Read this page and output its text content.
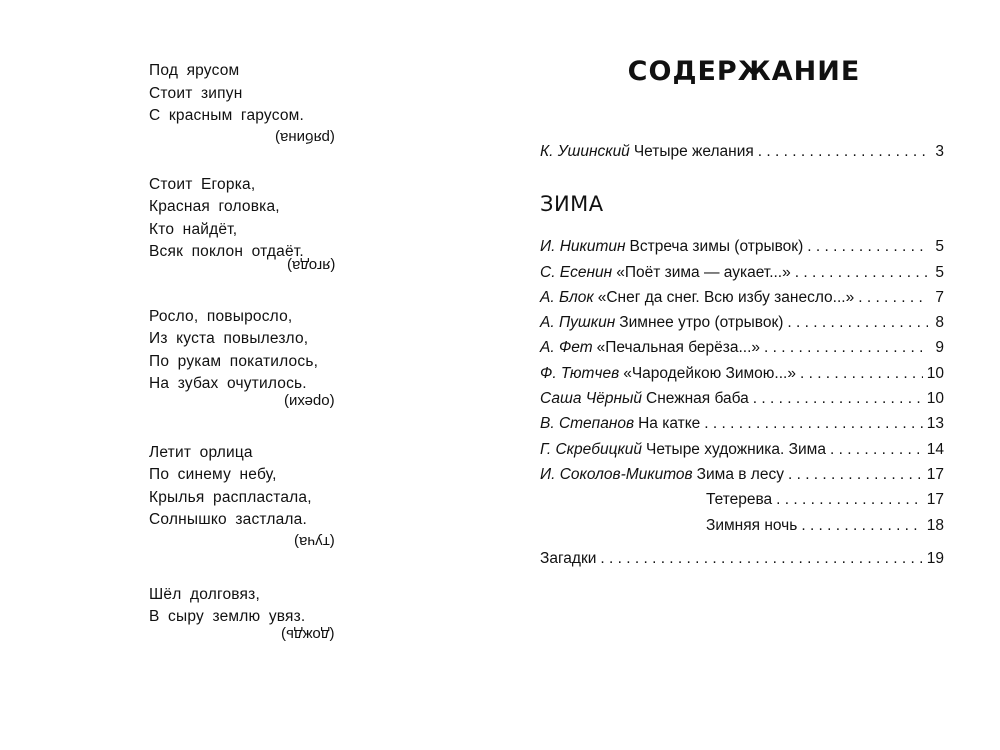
Под ярусом
Стоит зипун
С красным гарусом.
(рябина)
Стоит Егорка,
Красная головка,
Кто найдёт,
Всяк поклон отдаёт.
(ягода)
Росло, повыросло,
Из куста повылезло,
По рукам покатилось,
На зубах очутилось.
(орехи)
Летит орлица
По синему небу,
Крылья распластала,
Солнышко застлала.
(туча)
Шёл долговяз,
В сыру землю увяз.
(дождь)
СОДЕРЖАНИЕ
К. Ушинский Четыре желания . . .	3
ЗИМА
И. Никитин Встреча зимы (отрывок) . . .	5
С. Есенин «Поёт зима — аукает...» . . .	5
А. Блок «Снег да снег. Всю избу занесло...» . . .	7
А. Пушкин Зимнее утро (отрывок) . . .	8
А. Фет «Печальная берёза...» . . .	9
Ф. Тютчев «Чародейкою Зимою...» . . .	10
Саша Чёрный Снежная баба . . .	10
В. Степанов На катке . . .	13
Г. Скребицкий Четыре художника. Зима . . .	14
И. Соколов-Микитов Зима в лесу . . .	17
Тетерева . . .	17
Зимняя ночь . . .	18
Загадки . . .	19
